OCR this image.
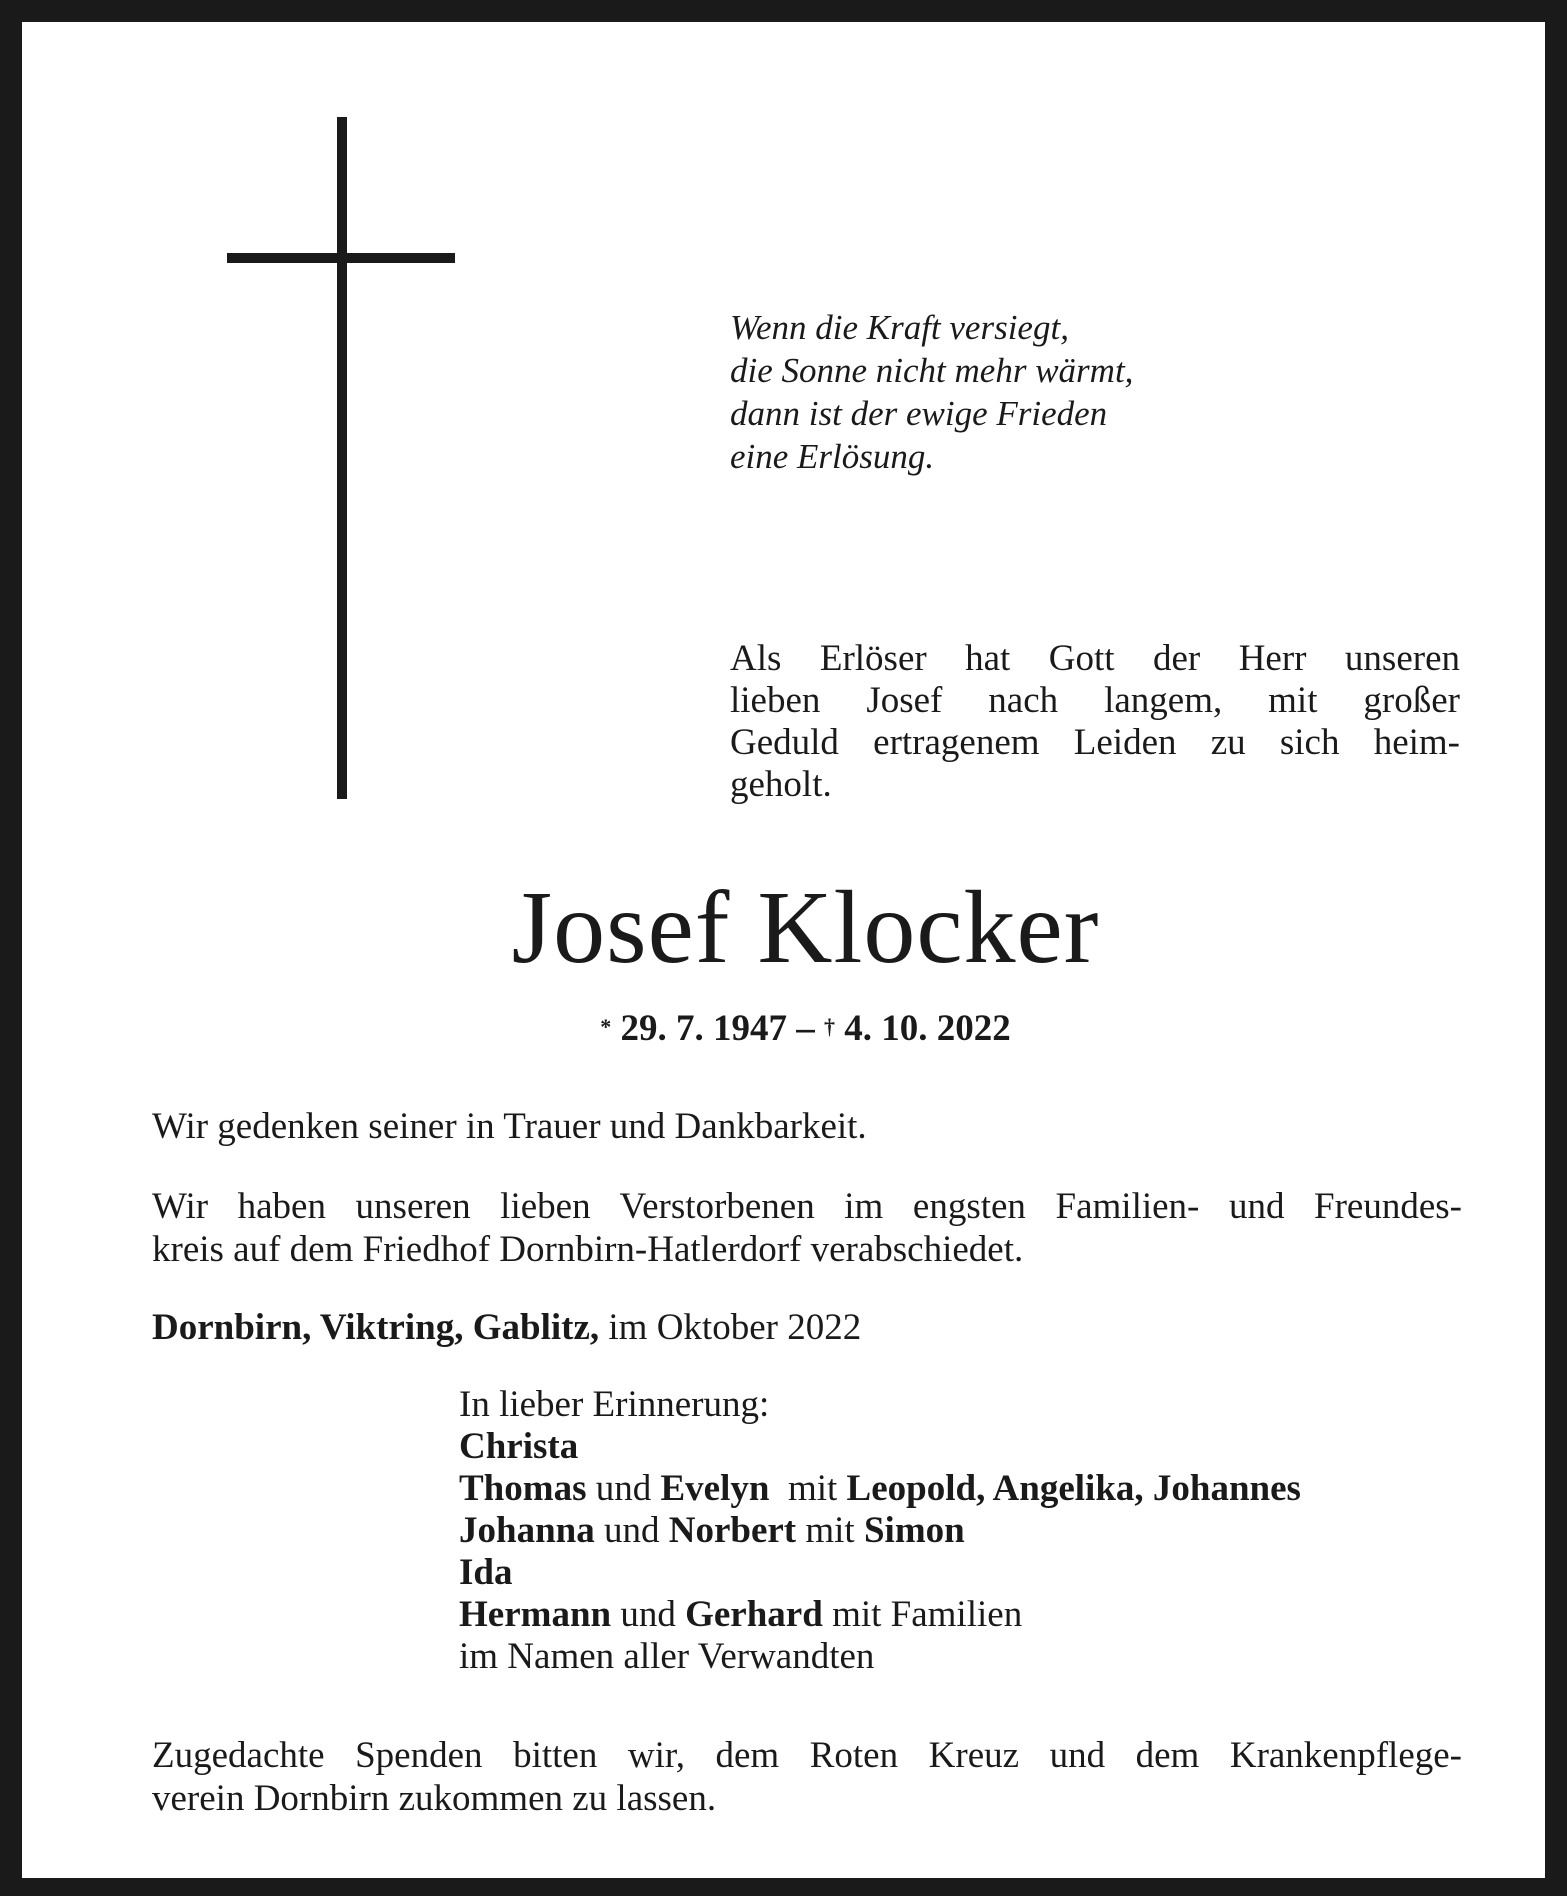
Wenn die Kraft versiegt,
die Sonne nicht mehr wärmt,
dann ist der ewige Frieden
eine Erlösung.
Als Erlöser hat Gott der Herr unseren
lieben Josef nach langem, mit großer
Geduld ertragenem Leiden zu sich heim-
geholt.
Josef Klocker
* 29. 7. 1947 – † 4. 10. 2022
Wir gedenken seiner in Trauer und Dankbarkeit.
Wir haben unseren lieben Verstorbenen im engsten Familien- und Freundes-
kreis auf dem Friedhof Dornbirn-Hatlerdorf verabschiedet.
Dornbirn, Viktring, Gablitz, im Oktober 2022
In lieber Erinnerung:
Christa
Thomas und Evelyn mit Leopold, Angelika, Johannes
Johanna und Norbert mit Simon
Ida
Hermann und Gerhard mit Familien
im Namen aller Verwandten
Zugedachte Spenden bitten wir, dem Roten Kreuz und dem Krankenpflege-
verein Dornbirn zukommen zu lassen.
